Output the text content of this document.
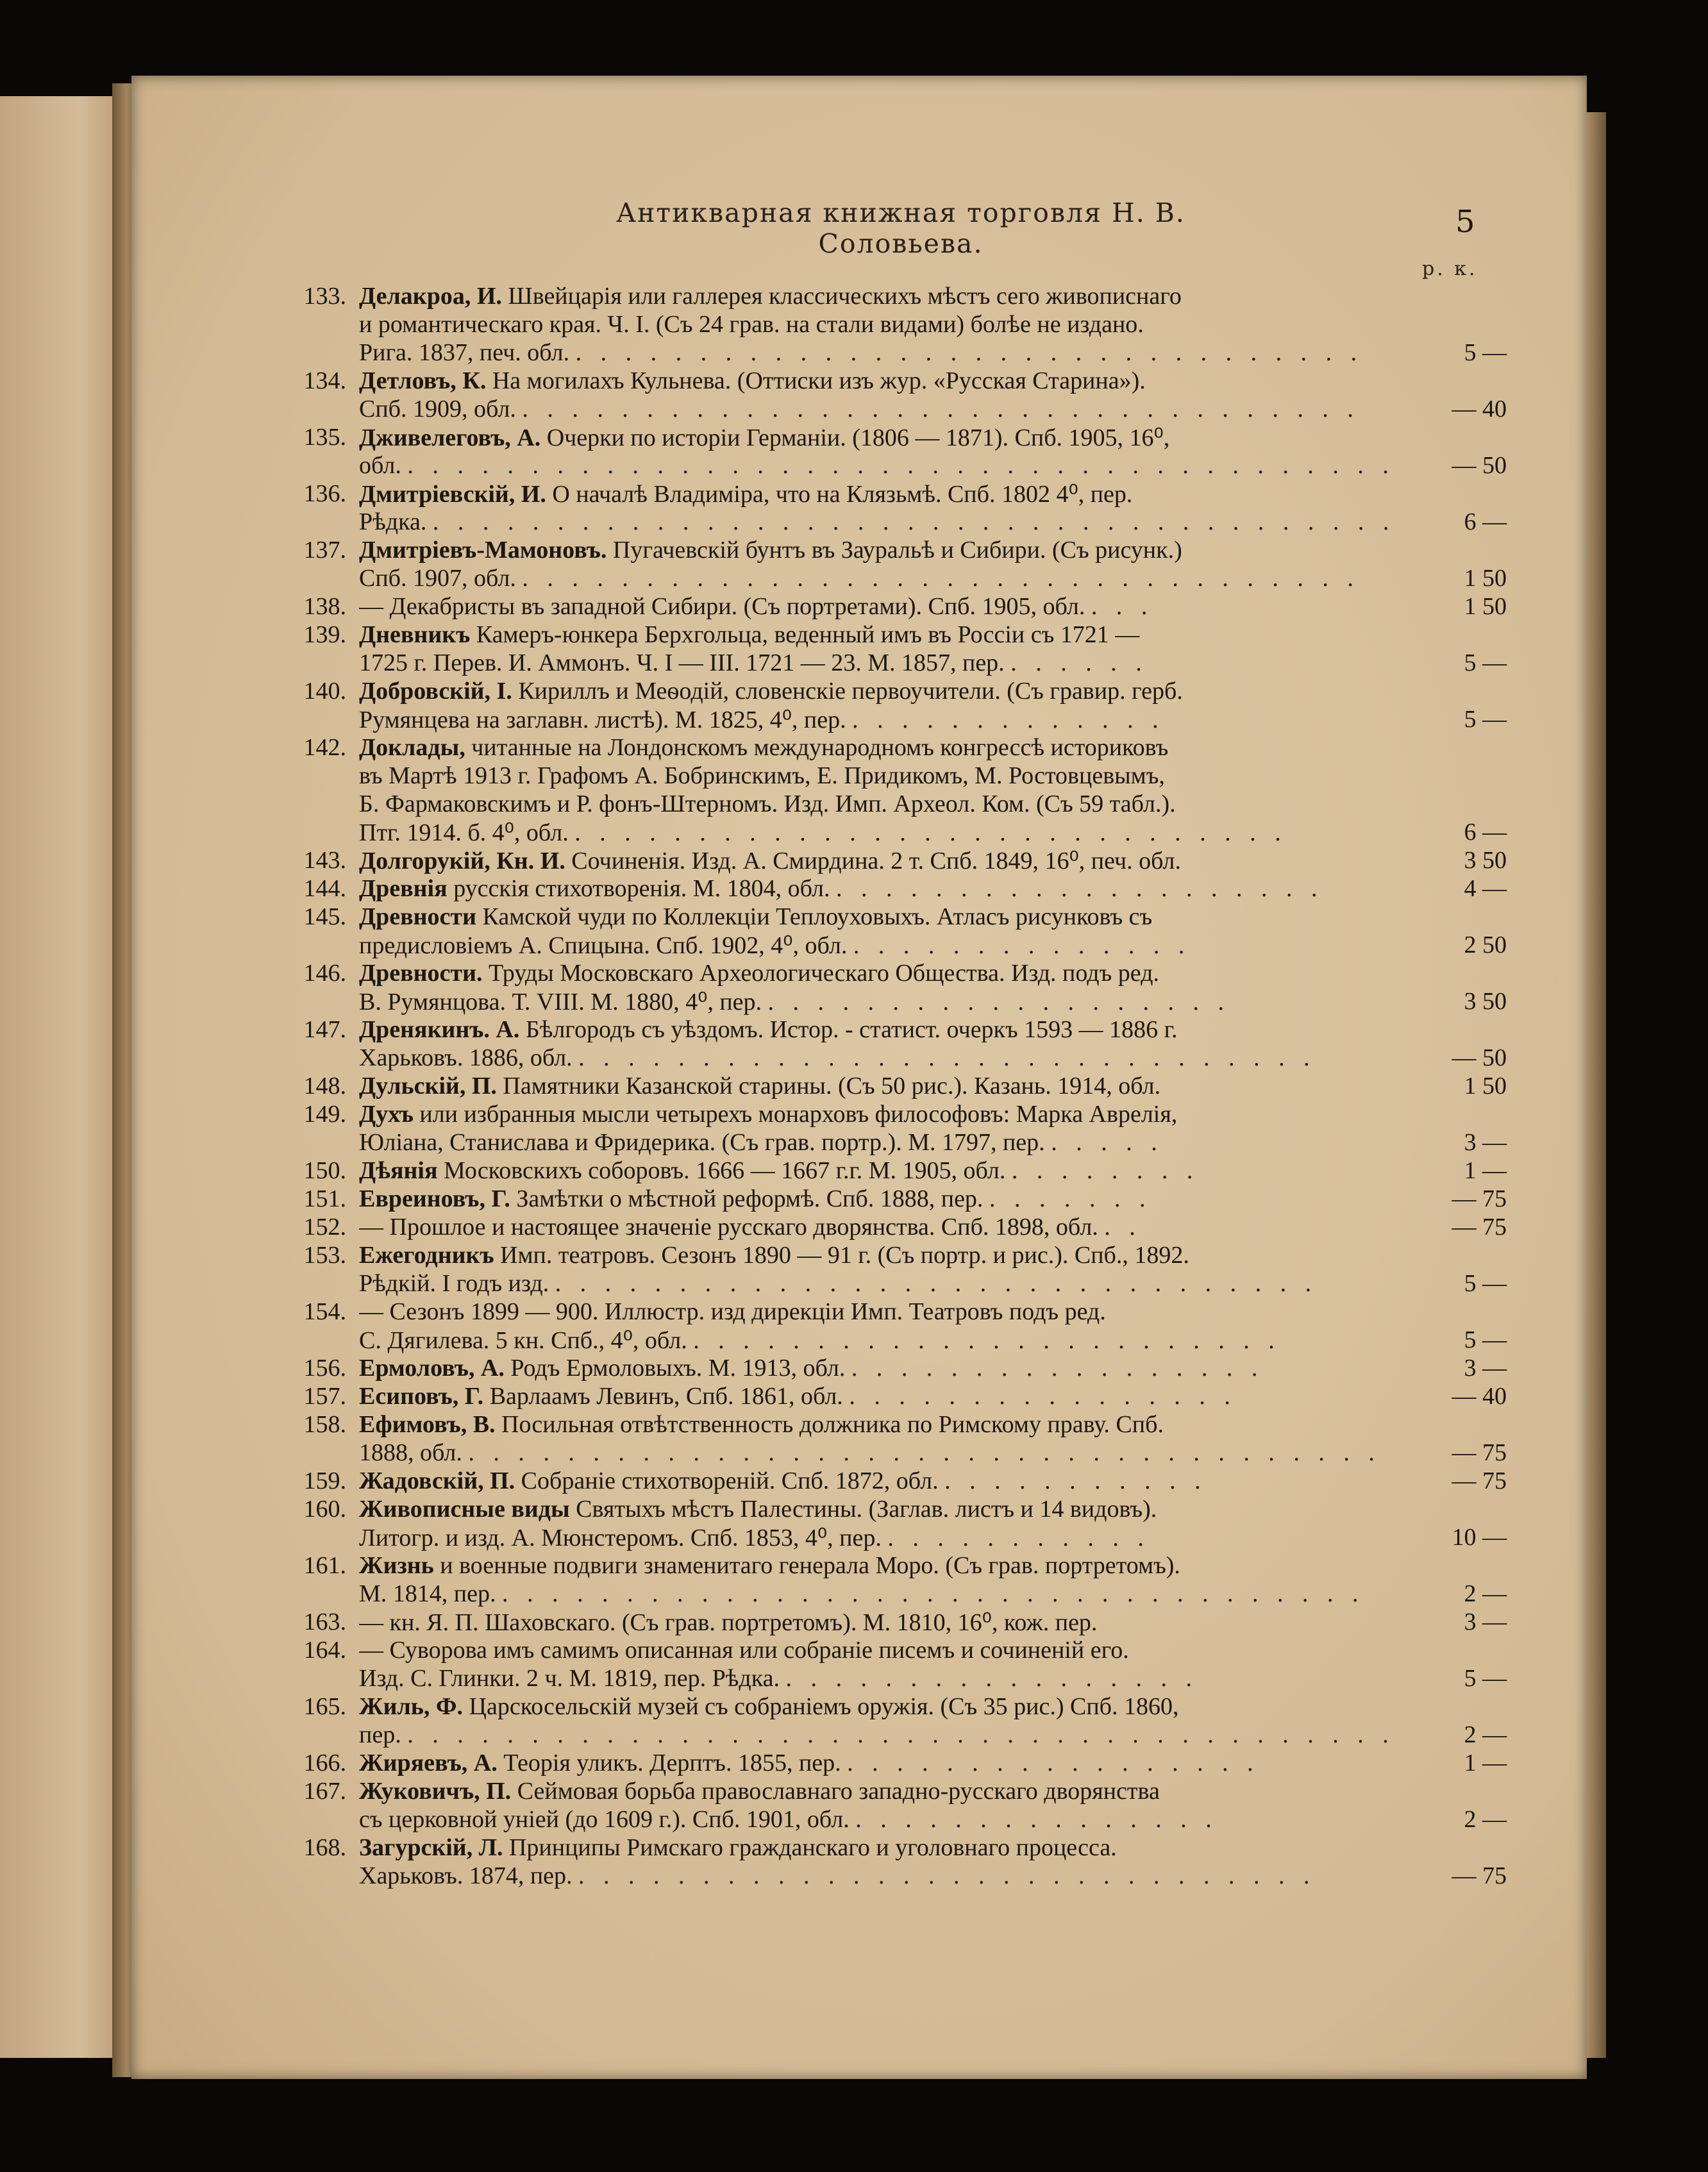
Антикварная книжная торговля Н. В. Соловьева.
5
р. к.
133. Делакроа, И. Швейцарія или галлерея классическихъ мѣстъ сего живописнаго
и романтическаго края. Ч. I. (Съ 24 грав. на стали видами) болѣе не издано.
Рига. 1837, печ. обл. . . . . . . . . . . . . . . . . . . . . . . . . . . . . . . . .	5 —
134. Детловъ, К. На могилахъ Кульнева. (Оттиски изъ жур. «Русская Старина»).
Спб. 1909, обл. . . . . . . . . . . . . . . . . . . . . . . . . . . . . . . . . . .	— 40
135. Дживелеговъ, А. Очерки по исторіи Германіи. (1806 — 1871). Спб. 1905, 16⁰,
обл. . . . . . . . . . . . . . . . . . . . . . . . . . . . . . . . . . . . . . . . .	— 50
136. Дмитріевскій, И. О началѣ Владиміра, что на Клязьмѣ. Спб. 1802 4⁰, пер.
Рѣдка. . . . . . . . . . . . . . . . . . . . . . . . . . . . . . . . . . . . . . . .	6 —
137. Дмитріевъ-Мамоновъ. Пугачевскій бунтъ въ Зауральѣ и Сибири. (Съ рисунк.)
Спб. 1907, обл. . . . . . . . . . . . . . . . . . . . . . . . . . . . . . . . . . .	1 50
138. — Декабристы въ западной Сибири. (Съ портретами). Спб. 1905, обл. . . .	1 50
139. Дневникъ Камеръ-юнкера Берхгольца, веденный имъ въ Россіи съ 1721 —
1725 г. Перев. И. Аммонъ. Ч. I — III. 1721 — 23. М. 1857, пер. . . . . . .	5 —
140. Добровскій, I. Кириллъ и Меѳодій, словенскіе первоучители. (Съ гравир. герб.
Румянцева на заглавн. листѣ). М. 1825, 4⁰, пер. . . . . . . . . . . . . .	5 —
142. Доклады, читанные на Лондонскомъ международномъ конгрессѣ историковъ
въ Мартѣ 1913 г. Графомъ А. Бобринскимъ, Е. Придикомъ, М. Ростовцевымъ,
Б. Фармаковскимъ и Р. фонъ-Штерномъ. Изд. Имп. Археол. Ком. (Съ 59 табл.).
Птг. 1914. б. 4⁰, обл. . . . . . . . . . . . . . . . . . . . . . . . . . . . . .	6 —
143. Долгорукій, Кн. И. Сочиненія. Изд. А. Смирдина. 2 т. Спб. 1849, 16⁰, печ. обл.	3 50
144. Древнія русскія стихотворенія. М. 1804, обл. . . . . . . . . . . . . . . . . . . . .	4 —
145. Древности Камской чуди по Коллекціи Теплоуховыхъ. Атласъ рисунковъ съ
предисловіемъ А. Спицына. Спб. 1902, 4⁰, обл. . . . . . . . . . . . . . .	2 50
146. Древности. Труды Московскаго Археологическаго Общества. Изд. подъ ред.
В. Румянцова. Т. VIII. М. 1880, 4⁰, пер. . . . . . . . . . . . . . . . . . . .	3 50
147. Дренякинъ. А. Бѣлгородъ съ уѣздомъ. Истор. - статист. очеркъ 1593 — 1886 г.
Харьковъ. 1886, обл. . . . . . . . . . . . . . . . . . . . . . . . . . . . . . .	— 50
148. Дульскій, П. Памятники Казанской старины. (Съ 50 рис.). Казань. 1914, обл.	1 50
149. Духъ или избранныя мысли четырехъ монарховъ философовъ: Марка Аврелія,
Юліана, Станислава и Фридерика. (Съ грав. портр.). М. 1797, пер. . . . . .	3 —
150. Дѣянія Московскихъ соборовъ. 1666 — 1667 г.г. М. 1905, обл. . . . . . . . .	1 —
151. Евреиновъ, Г. Замѣтки о мѣстной реформѣ. Спб. 1888, пер. . . . . . . .	— 75
152. — Прошлое и настоящее значеніе русскаго дворянства. Спб. 1898, обл. . .	— 75
153. Ежегодникъ Имп. театровъ. Сезонъ 1890 — 91 г. (Съ портр. и рис.). Спб., 1892.
Рѣдкій. I годъ изд. . . . . . . . . . . . . . . . . . . . . . . . . . . . . . . .	5 —
154. — Сезонъ 1899 — 900. Иллюстр. изд дирекціи Имп. Театровъ подъ ред.
С. Дягилева. 5 кн. Спб., 4⁰, обл. . . . . . . . . . . . . . . . . . . . . . . . .	5 —
156. Ермоловъ, А. Родъ Ермоловыхъ. М. 1913, обл. . . . . . . . . . . . . . . . . .	3 —
157. Есиповъ, Г. Варлаамъ Левинъ, Спб. 1861, обл. . . . . . . . . . . . . . . . .	— 40
158. Ефимовъ, В. Посильная отвѣтственность должника по Римскому праву. Спб.
1888, обл. . . . . . . . . . . . . . . . . . . . . . . . . . . . . . . . . . . . . .	— 75
159. Жадовскій, П. Собраніе стихотвореній. Спб. 1872, обл. . . . . . . . . . . .	— 75
160. Живописные виды Святыхъ мѣстъ Палестины. (Заглав. листъ и 14 видовъ).
Литогр. и изд. А. Мюнстеромъ. Спб. 1853, 4⁰, пер. . . . . . . . . . . .	10 —
161. Жизнь и военные подвиги знаменитаго генерала Моро. (Съ грав. портретомъ).
М. 1814, пер. . . . . . . . . . . . . . . . . . . . . . . . . . . . . . . . . . . .	2 —
163. — кн. Я. П. Шаховскаго. (Съ грав. портретомъ). М. 1810, 16⁰, кож. пер.	3 —
164. — Суворова имъ самимъ описанная или собраніе писемъ и сочиненій его.
Изд. С. Глинки. 2 ч. М. 1819, пер. Рѣдка. . . . . . . . . . . . . . . . . .	5 —
165. Жиль, Ф. Царскосельскій музей съ собраніемъ оружія. (Съ 35 рис.) Спб. 1860,
пер. . . . . . . . . . . . . . . . . . . . . . . . . . . . . . . . . . . . . . . . .	2 —
166. Жиряевъ, А. Теорія уликъ. Дерптъ. 1855, пер. . . . . . . . . . . . . . . . . .	1 —
167. Жуковичъ, П. Сеймовая борьба православнаго западно-русскаго дворянства
съ церковной уніей (до 1609 г.). Спб. 1901, обл. . . . . . . . . . . . . . . .	2 —
168. Загурскій, Л. Принципы Римскаго гражданскаго и уголовнаго процесса.
Харьковъ. 1874, пер. . . . . . . . . . . . . . . . . . . . . . . . . . . . . . .	— 75
